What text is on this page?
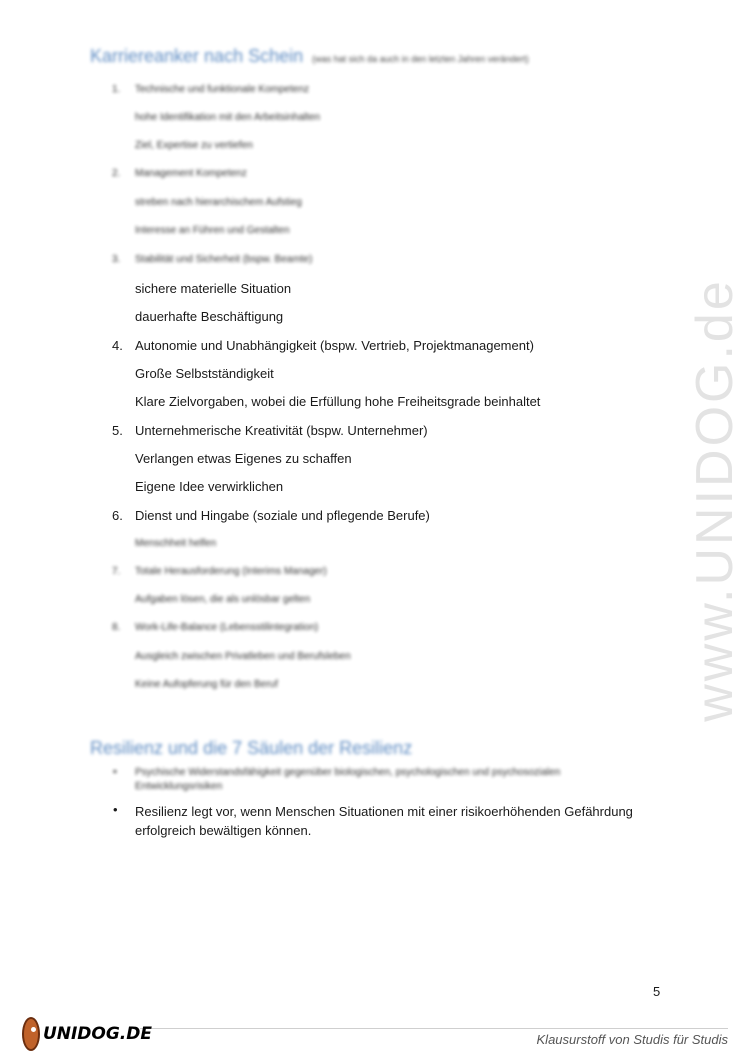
www.UNIDOG.de
Karriereanker nach Schein (was hat sich da auch in den letzten Jahren verändert)
1. Technische und funktionale Kompetenz
hohe Identifikation mit den Arbeitsinhalten
Ziel, Expertise zu vertiefen
2. Management Kompetenz
streben nach hierarchischem Aufstieg
Interesse an Führen und Gestalten
3. Stabilität und Sicherheit (bspw. Beamte)
sichere materielle Situation
dauerhafte Beschäftigung
4. Autonomie und Unabhängigkeit (bspw. Vertrieb, Projektmanagement)
Große Selbstständigkeit
Klare Zielvorgaben, wobei die Erfüllung hohe Freiheitsgrade beinhaltet
5. Unternehmerische Kreativität (bspw. Unternehmer)
Verlangen etwas Eigenes zu schaffen
Eigene Idee verwirklichen
6. Dienst und Hingabe (soziale und pflegende Berufe)
Menschheit helfen
7. Totale Herausforderung (Interims Manager)
Aufgaben lösen, die als unlösbar gelten
8. Work-Life-Balance (Lebensstilintegration)
Ausgleich zwischen Privatleben und Berufsleben
Keine Aufopferung für den Beruf
Resilienz und die 7 Säulen der Resilienz
• Psychische Widerstandsfähigkeit gegenüber biologischen, psychologischen und psychosozialen Entwicklungsrisiken
• Resilienz legt vor, wenn Menschen Situationen mit einer risikoerhöhenden Gefährdung erfolgreich bewältigen können.
5
UNIDOG.DE	Klausurstoff von Studis für Studis
